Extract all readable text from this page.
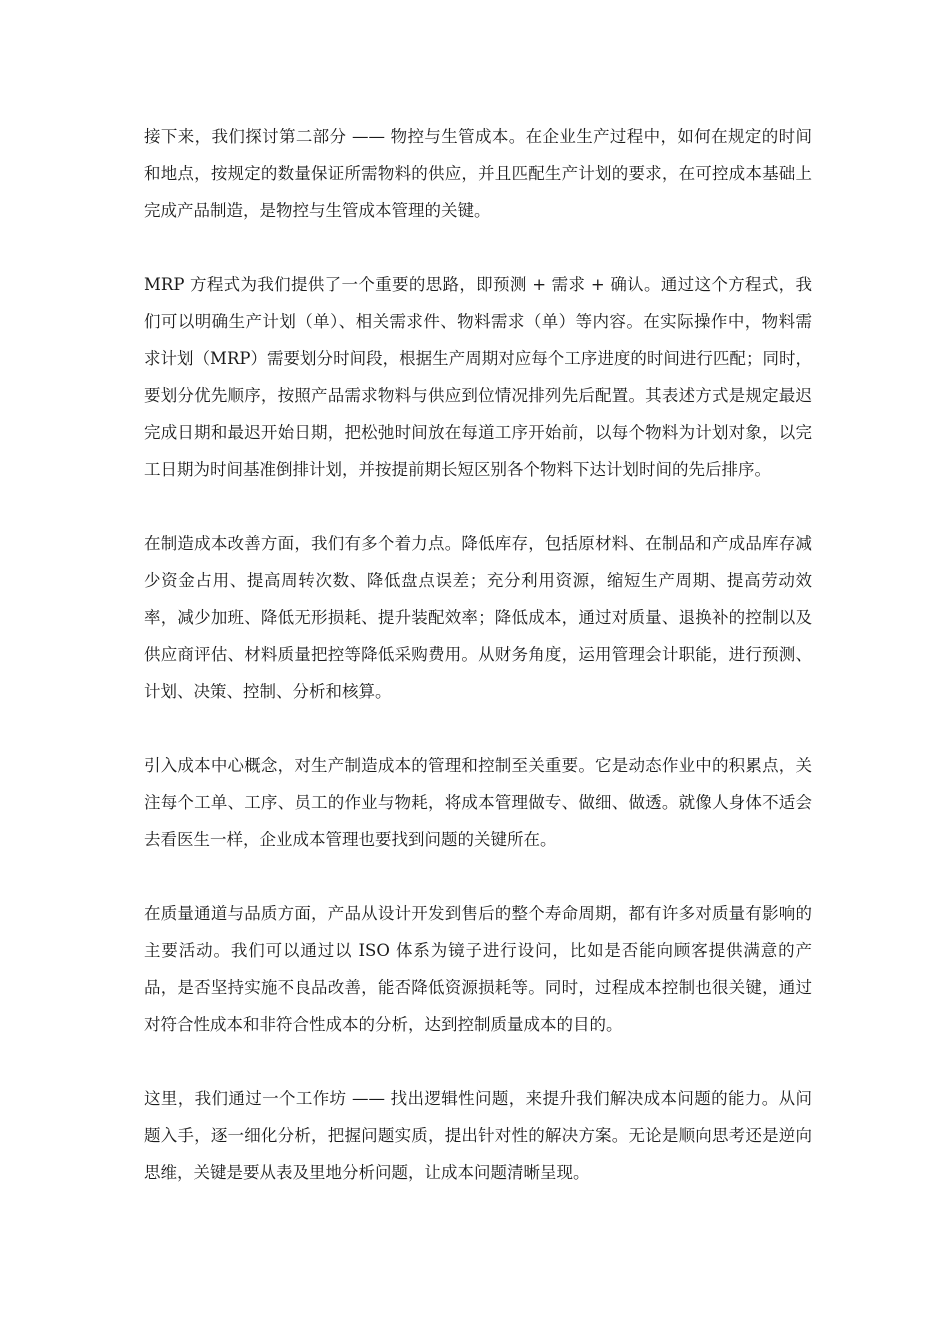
接下来，我们探讨第二部分 —— 物控与生管成本。在企业生产过程中，如何在规定的时间和地点，按规定的数量保证所需物料的供应，并且匹配生产计划的要求，在可控成本基础上完成产品制造，是物控与生管成本管理的关键。

MRP 方程式为我们提供了一个重要的思路，即预测 + 需求 + 确认。通过这个方程式，我们可以明确生产计划（单）、相关需求件、物料需求（单）等内容。在实际操作中，物料需求计划（MRP）需要划分时间段，根据生产周期对应每个工序进度的时间进行匹配；同时，要划分优先顺序，按照产品需求物料与供应到位情况排列先后配置。其表述方式是规定最迟完成日期和最迟开始日期，把松弛时间放在每道工序开始前，以每个物料为计划对象，以完工日期为时间基准倒排计划，并按提前期长短区别各个物料下达计划时间的先后排序。

在制造成本改善方面，我们有多个着力点。降低库存，包括原材料、在制品和产成品库存减少资金占用、提高周转次数、降低盘点误差；充分利用资源，缩短生产周期、提高劳动效率，减少加班、降低无形损耗、提升装配效率；降低成本，通过对质量、退换补的控制以及供应商评估、材料质量把控等降低采购费用。从财务角度，运用管理会计职能，进行预测、计划、决策、控制、分析和核算。

引入成本中心概念，对生产制造成本的管理和控制至关重要。它是动态作业中的积累点，关注每个工单、工序、员工的作业与物耗，将成本管理做专、做细、做透。就像人身体不适会去看医生一样，企业成本管理也要找到问题的关键所在。

在质量通道与品质方面，产品从设计开发到售后的整个寿命周期，都有许多对质量有影响的主要活动。我们可以通过以 ISO 体系为镜子进行设问，比如是否能向顾客提供满意的产品，是否坚持实施不良品改善，能否降低资源损耗等。同时，过程成本控制也很关键，通过对符合性成本和非符合性成本的分析，达到控制质量成本的目的。

这里，我们通过一个工作坊 —— 找出逻辑性问题，来提升我们解决成本问题的能力。从问题入手，逐一细化分析，把握问题实质，提出针对性的解决方案。无论是顺向思考还是逆向思维，关键是要从表及里地分析问题，让成本问题清晰呈现。
